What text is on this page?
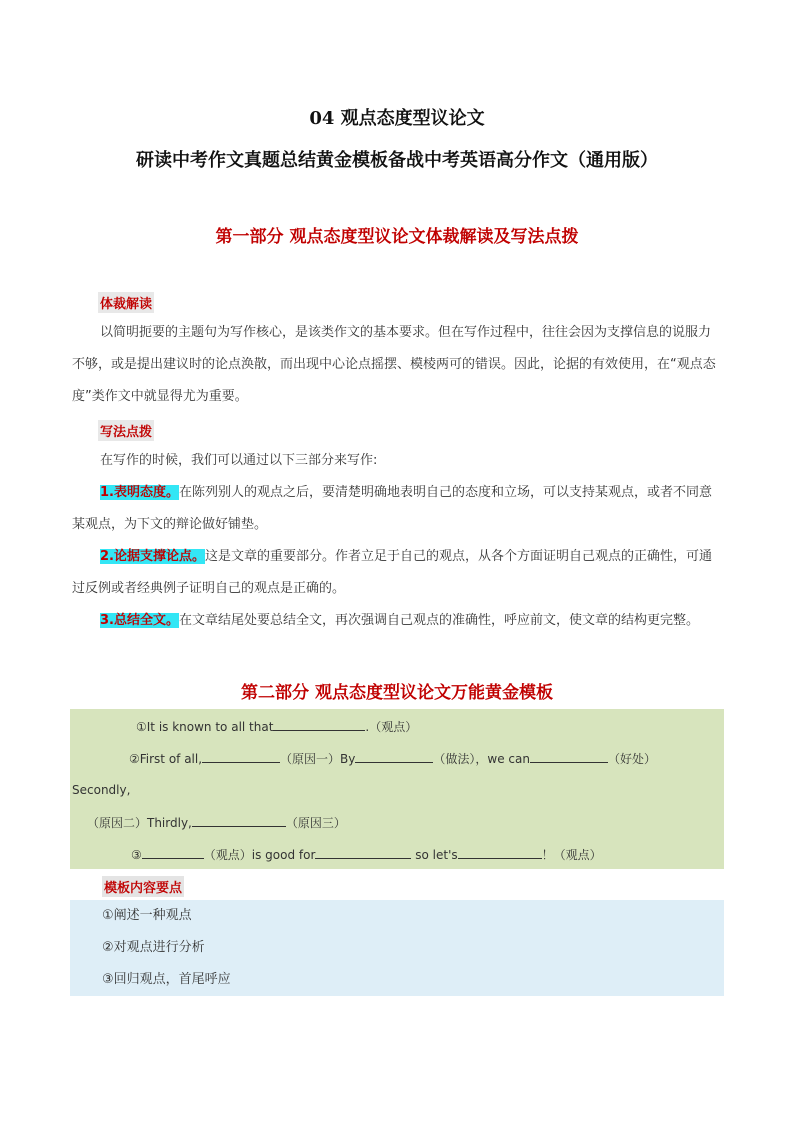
04 观点态度型议论文
研读中考作文真题总结黄金模板备战中考英语高分作文（通用版）
第一部分 观点态度型议论文体裁解读及写法点拨
体裁解读
以简明扼要的主题句为写作核心，是该类作文的基本要求。但在写作过程中，往往会因为支撑信息的说服力不够，或是提出建议时的论点涣散，而出现中心论点摇摆、模棱两可的错误。因此，论据的有效使用，在“观点态度”类作文中就显得尤为重要。
写法点拨
在写作的时候，我们可以通过以下三部分来写作:
1.表明态度。在陈列别人的观点之后，要清楚明确地表明自己的态度和立场，可以支持某观点，或者不同意某观点，为下文的辩论做好铺垫。
2.论据支撑论点。这是文章的重要部分。作者立足于自己的观点，从各个方面证明自己观点的正确性，可通过反例或者经典例子证明自己的观点是正确的。
3.总结全文。在文章结尾处要总结全文，再次强调自己观点的准确性，呼应前文，使文章的结构更完整。
第二部分 观点态度型议论文万能黄金模板
①It is known to all that	.（观点）
②First of all,	（原因一）By	（做法），we can	（好处）
Secondly,
（原因二）Thirdly,	（原因三）
③	（观点）is good for	so let's	！（观点）
模板内容要点
①阐述一种观点
②对观点进行分析
③回归观点，首尾呼应
